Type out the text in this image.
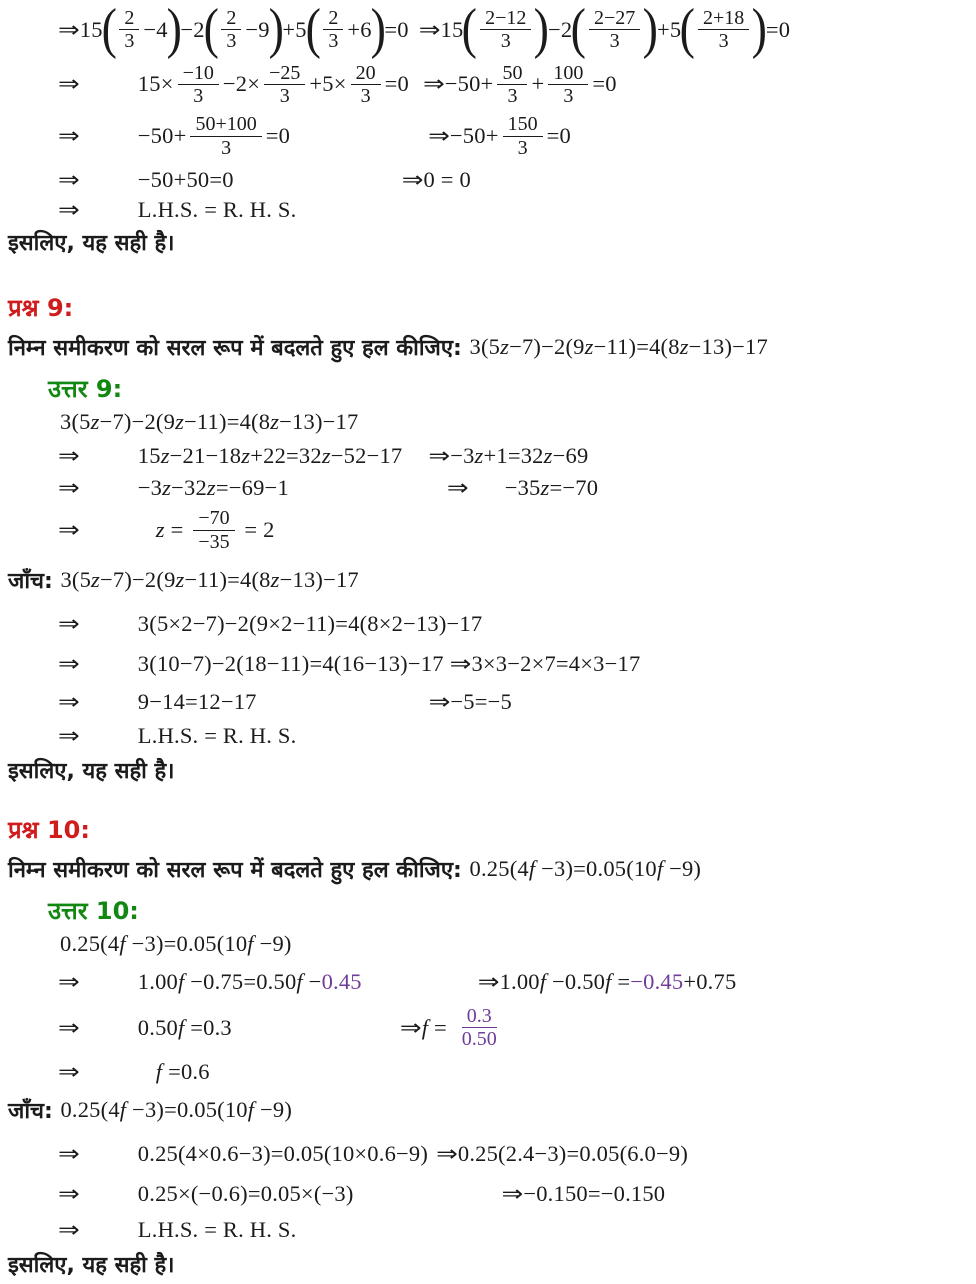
⇒ 15
( $\frac{2}{3} -4$
)
−2
( $\frac{2}{3} -9$
)
+5
( $\frac{2}{3} +6$
)
=0 ⇒ 15
( $\frac{2-12}{3}$ )
−2
( $\frac{2-27}{3}$ )
+5
( $\frac{2+18}{3}$ )
=0
⇒	$15\times \frac{-10}{3} -2\times \frac{-25}{3} +5\times \frac{20}{3} =0$ ⇒ $-50+ \frac{50}{3} + \frac{100}{3} =0$
⇒	$-50+ \frac{50+100}{3} =0$	⇒ $-50+ \frac{150}{3} =0$
⇒	−50+50=0	⇒ 0 = 0
⇒	L.H.S. = R. H. S.
इसलिए, यह सही है।
प्रश्न 9:
निम्न समीकरण को सरल रूप में बदलते हुए हल कीजिए: 3(5z−7)−2(9z−11)=4(8z−13)−17
उत्तर 9:
3(5z−7)−2(9z−11)=4(8z−13)−17
⇒	15z−21−18z+22=32z−52−17 ⇒ −3z+1=32z−69
⇒	−3z−32z=−69−1	⇒ −35z=−70
⇒	$z = \frac{-70}{-35} = 2$
जाँच: 3(5z−7)−2(9z−11)=4(8z−13)−17
⇒	3(5×2−7)−2(9×2−11)=4(8×2−13)−17
⇒	3(10−7)−2(18−11)=4(16−13)−17 ⇒ 3×3−2×7=4×3−17
⇒	9−14=12−17	⇒ −5=−5
⇒	L.H.S. = R. H. S.
इसलिए, यह सही है।
प्रश्न 10:
निम्न समीकरण को सरल रूप में बदलते हुए हल कीजिए: 0.25(4f −3)=0.05(10f −9)
उत्तर 10:
0.25(4f −3)=0.05(10f −9)
⇒	1.00f −0.75=0.50f − 0.45	⇒ 1.00f −0.50f = −0.45 +0.75
⇒	0.50f =0.3	⇒ $f = \frac{0.3}{0.50}$
⇒	f =0.6
जाँच: 0.25(4f −3)=0.05(10f −9)
⇒	0.25(4×0.6−3)=0.05(10×0.6−9) ⇒ 0.25(2.4−3)=0.05(6.0−9)
⇒	0.25×(−0.6)=0.05×(−3)	⇒ −0.150=−0.150
⇒	L.H.S. = R. H. S.
इसलिए, यह सही है।
